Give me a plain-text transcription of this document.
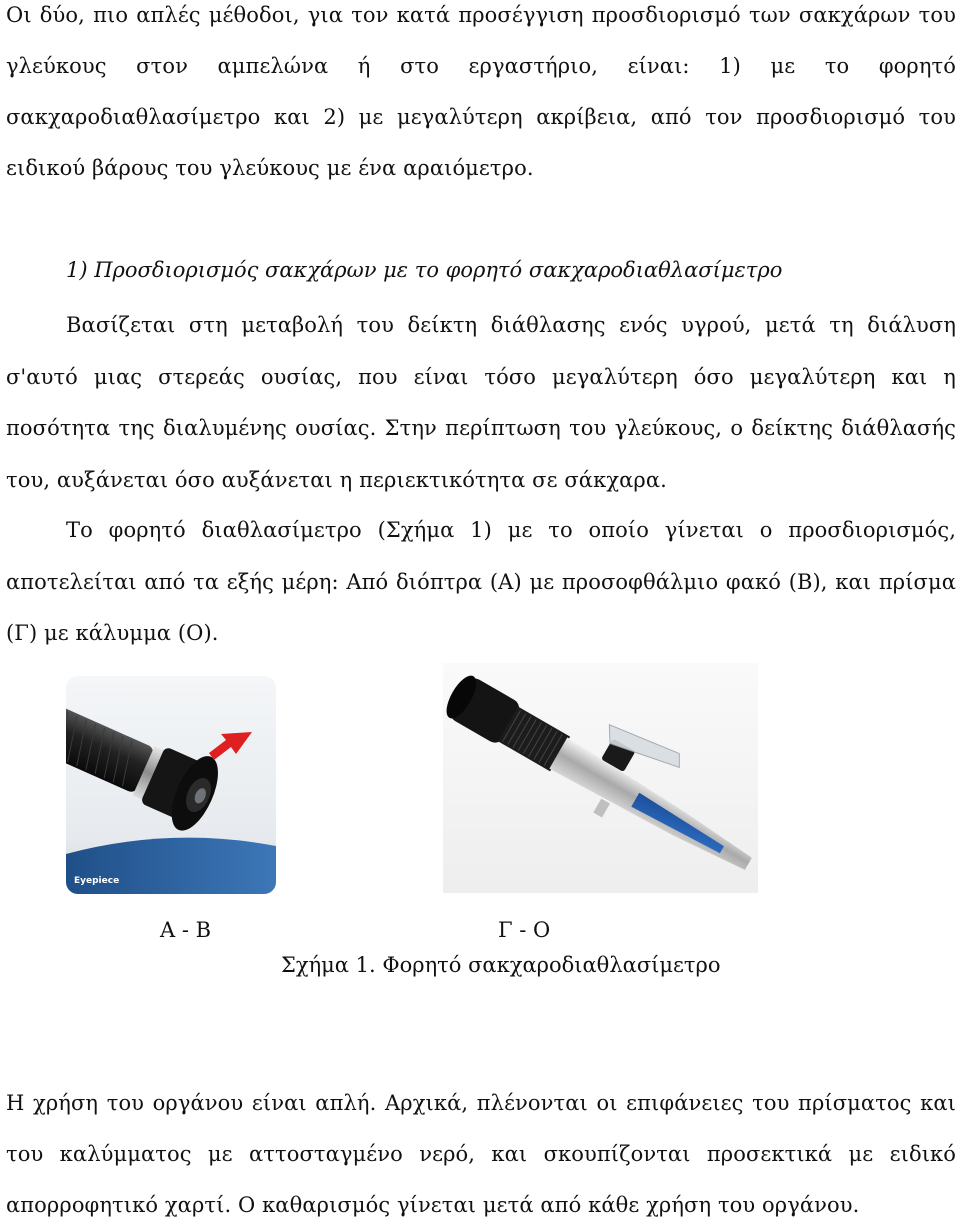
Οι δύο, πιο απλές μέθοδοι, για τον κατά προσέγγιση προσδιορισμό των σακχάρων του γλεύκους στον αμπελώνα ή στο εργαστήριο, είναι: 1) με το φορητό σακχαροδιαθλασίμετρο και 2) με μεγαλύτερη ακρίβεια, από τον προσδιορισμό του ειδικού βάρους του γλεύκους με ένα αραιόμετρο.

1) Προσδιορισμός σακχάρων με το φορητό σακχαροδιαθλασίμετρο

Βασίζεται στη μεταβολή του δείκτη διάθλασης ενός υγρού, μετά τη διάλυση σ'αυτό μιας στερεάς ουσίας, που είναι τόσο μεγαλύτερη όσο μεγαλύτερη και η ποσότητα της διαλυμένης ουσίας. Στην περίπτωση του γλεύκους, ο δείκτης διάθλασής του, αυξάνεται όσο αυξάνεται η περιεκτικότητα σε σάκχαρα.

Το φορητό διαθλασίμετρο (Σχήμα 1) με το οποίο γίνεται ο προσδιορισμός, αποτελείται από τα εξής μέρη: Από διόπτρα (Α) με προσοφθάλμιο φακό (Β), και πρίσμα (Γ) με κάλυμμα (Ο).

Eyepiece
Α - Β	Γ - Ο
Σχήμα 1. Φορητό σακχαροδιαθλασίμετρο

Η χρήση του οργάνου είναι απλή. Αρχικά, πλένονται οι επιφάνειες του πρίσματος και του καλύμματος με αττοσταγμένο νερό, και σκουπίζονται προσεκτικά με ειδικό απορροφητικό χαρτί. Ο καθαρισμός γίνεται μετά από κάθε χρήση του οργάνου.
